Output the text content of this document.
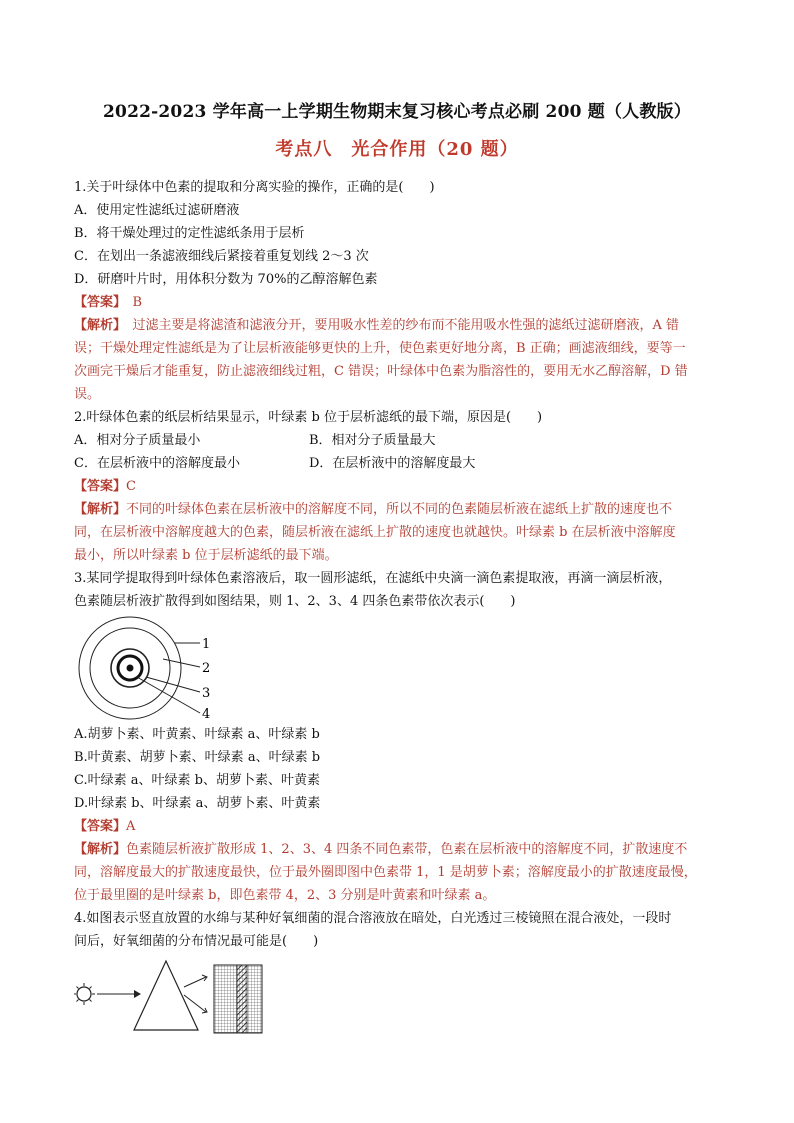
2022-2023 学年高一上学期生物期末复习核心考点必刷 200 题（人教版）
考点八　光合作用（20 题）
1.关于叶绿体中色素的提取和分离实验的操作，正确的是(　　)
A．使用定性滤纸过滤研磨液
B．将干燥处理过的定性滤纸条用于层析
C．在划出一条滤液细线后紧接着重复划线 2～3 次
D．研磨叶片时，用体积分数为 70%的乙醇溶解色素
【答案】　B
【解析】　过滤主要是将滤渣和滤液分开，要用吸水性差的纱布而不能用吸水性强的滤纸过滤研磨液，A 错
误；干燥处理定性滤纸是为了让层析液能够更快的上升，使色素更好地分离，B 正确；画滤液细线，要等一
次画完干燥后才能重复，防止滤液细线过粗，C 错误；叶绿体中色素为脂溶性的，要用无水乙醇溶解，D 错
误。
2.叶绿体色素的纸层析结果显示，叶绿素 b 位于层析滤纸的最下端，原因是(　　)
A．相对分子质量最小	B．相对分子质量最大
C．在层析液中的溶解度最小	D．在层析液中的溶解度最大
【答案】C
【解析】不同的叶绿体色素在层析液中的溶解度不同，所以不同的色素随层析液在滤纸上扩散的速度也不
同，在层析液中溶解度越大的色素，随层析液在滤纸上扩散的速度也就越快。叶绿素 b 在层析液中溶解度
最小，所以叶绿素 b 位于层析滤纸的最下端。
3.某同学提取得到叶绿体色素溶液后，取一圆形滤纸，在滤纸中央滴一滴色素提取液，再滴一滴层析液，
色素随层析液扩散得到如图结果，则 1、2、3、4 四条色素带依次表示(　　)
1
2
3
4
A.胡萝卜素、叶黄素、叶绿素 a、叶绿素 b
B.叶黄素、胡萝卜素、叶绿素 a、叶绿素 b
C.叶绿素 a、叶绿素 b、胡萝卜素、叶黄素
D.叶绿素 b、叶绿素 a、胡萝卜素、叶黄素
【答案】A
【解析】色素随层析液扩散形成 1、2、3、4 四条不同色素带，色素在层析液中的溶解度不同，扩散速度不
同，溶解度最大的扩散速度最快，位于最外圈即图中色素带 1，1 是胡萝卜素；溶解度最小的扩散速度最慢，
位于最里圈的是叶绿素 b，即色素带 4，2、3 分别是叶黄素和叶绿素 a。
4.如图表示竖直放置的水绵与某种好氧细菌的混合溶液放在暗处，白光透过三棱镜照在混合液处，一段时
间后，好氧细菌的分布情况最可能是(　　)
